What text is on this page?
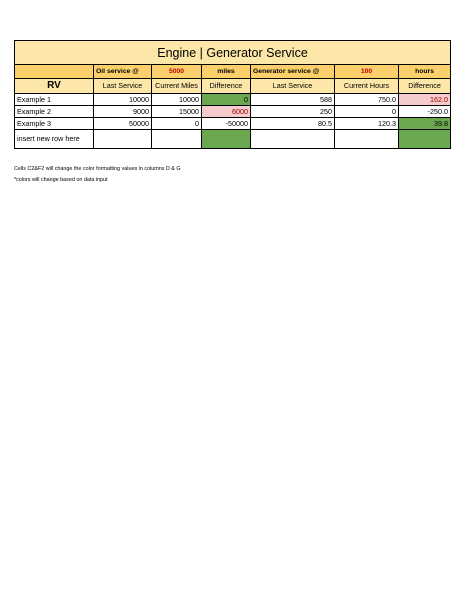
Engine | Generator Service						
	Oil service @	5000	miles	Generator service @	100	hours
RV	Last Service	Current Miles	Difference	Last Service	Current Hours	Difference
Example 1	10000	10000	0	588	750.0	162.0
Example 2	9000	15000	6000	250	0	-250.0
Example 3	50000	0	-50000	80.5	120.3	39.8
insert new row here						
Cells C2&F2 will change the color formatting values in columns D & G
*colors will change based on data input
